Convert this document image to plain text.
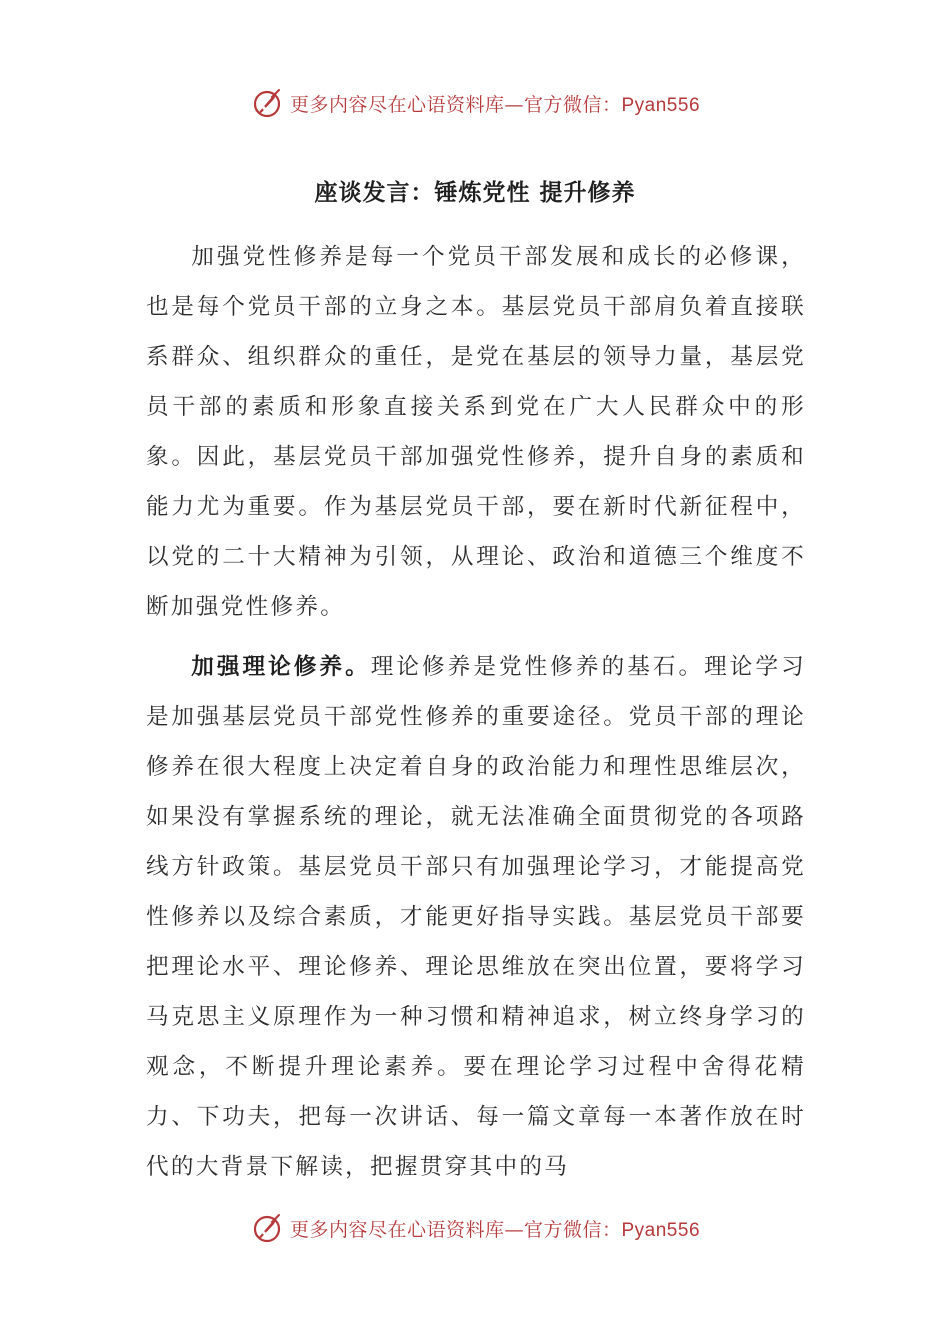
更多内容尽在心语资料库—官方微信：Pyan556
座谈发言：锤炼党性 提升修养

加强党性修养是每一个党员干部发展和成长的必修课，也是每个党员干部的立身之本。基层党员干部肩负着直接联系群众、组织群众的重任，是党在基层的领导力量，基层党员干部的素质和形象直接关系到党在广大人民群众中的形象。因此，基层党员干部加强党性修养，提升自身的素质和能力尤为重要。作为基层党员干部，要在新时代新征程中，以党的二十大精神为引领，从理论、政治和道德三个维度不断加强党性修养。

加强理论修养。理论修养是党性修养的基石。理论学习是加强基层党员干部党性修养的重要途径。党员干部的理论修养在很大程度上决定着自身的政治能力和理性思维层次，如果没有掌握系统的理论，就无法准确全面贯彻党的各项路线方针政策。基层党员干部只有加强理论学习，才能提高党性修养以及综合素质，才能更好指导实践。基层党员干部要把理论水平、理论修养、理论思维放在突出位置，要将学习马克思主义原理作为一种习惯和精神追求，树立终身学习的观念，不断提升理论素养。要在理论学习过程中舍得花精力、下功夫，把每一次讲话、每一篇文章每一本著作放在时代的大背景下解读，把握贯穿其中的马

更多内容尽在心语资料库—官方微信：Pyan556
